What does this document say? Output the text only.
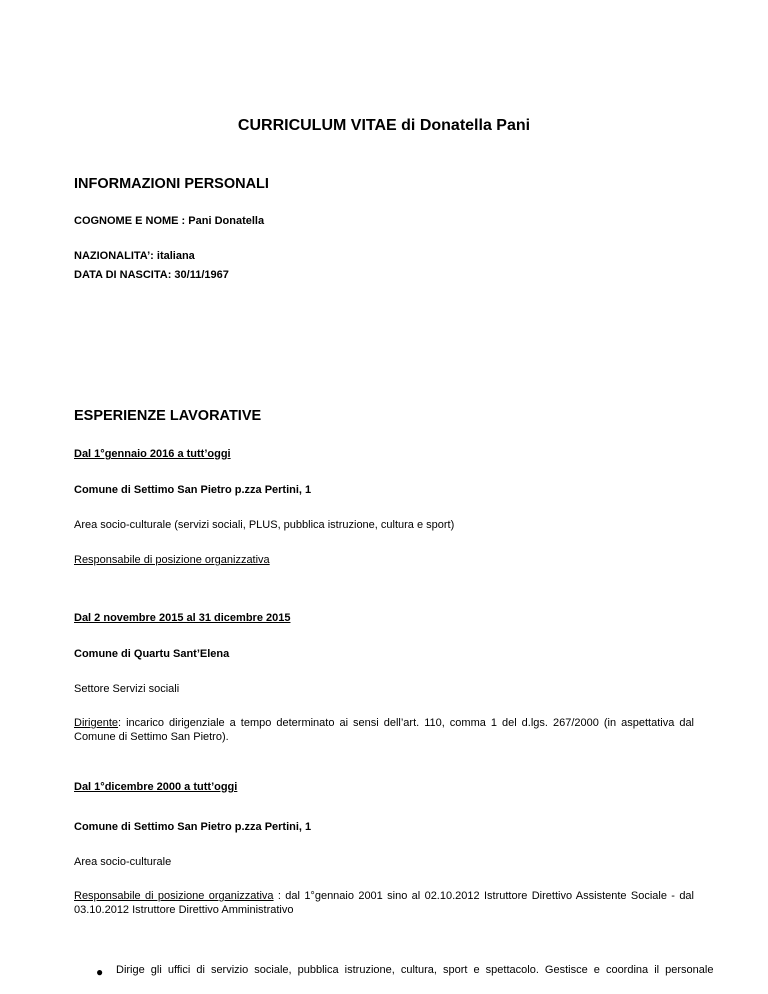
CURRICULUM VITAE di Donatella Pani
INFORMAZIONI PERSONALI
COGNOME E NOME : Pani Donatella
NAZIONALITA’: italiana
DATA DI NASCITA: 30/11/1967
ESPERIENZE LAVORATIVE
Dal 1°gennaio 2016 a tutt’oggi
Comune di Settimo San Pietro p.zza Pertini, 1
Area socio-culturale (servizi sociali, PLUS, pubblica istruzione, cultura e sport)
Responsabile di posizione organizzativa
Dal 2 novembre 2015 al 31 dicembre 2015
Comune di Quartu Sant’Elena
Settore Servizi sociali
Dirigente: incarico dirigenziale a tempo determinato ai sensi dell’art. 110, comma 1 del d.lgs. 267/2000 (in aspettativa dal Comune di Settimo San Pietro).
Dal 1°dicembre 2000 a tutt’oggi
Comune di Settimo San Pietro p.zza Pertini, 1
Area socio-culturale
Responsabile di posizione organizzativa : dal 1°gennaio 2001 sino al 02.10.2012 Istruttore Direttivo Assistente Sociale - dal 03.10.2012 Istruttore Direttivo Amministrativo
● Dirige gli uffici di servizio sociale, pubblica istruzione, cultura, sport e spettacolo. Gestisce e coordina il personale
